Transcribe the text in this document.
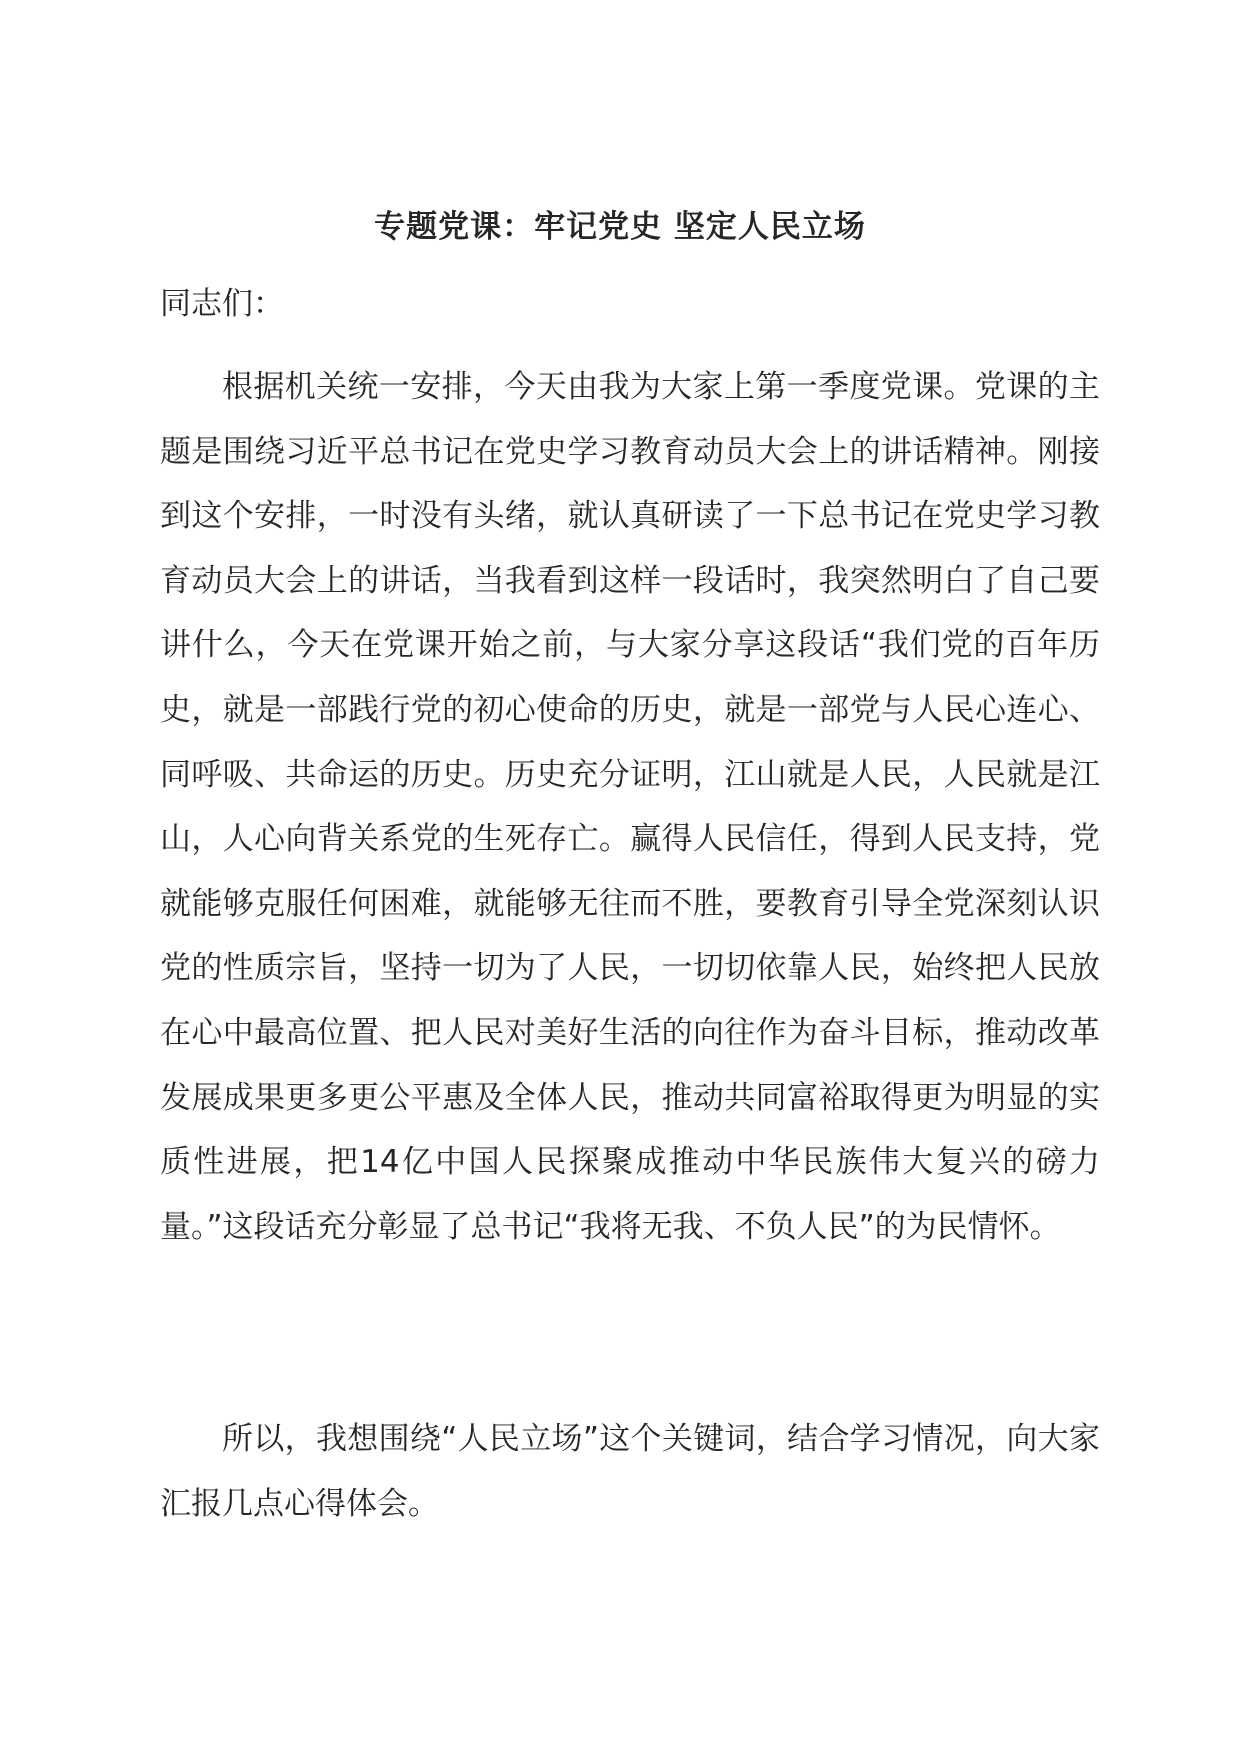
专题党课：牢记党史 坚定人民立场

同志们：

根据机关统一安排，今天由我为大家上第一季度党课。党课的主题是围绕习近平总书记在党史学习教育动员大会上的讲话精神。刚接到这个安排，一时没有头绪，就认真研读了一下总书记在党史学习教育动员大会上的讲话，当我看到这样一段话时，我突然明白了自己要讲什么，今天在党课开始之前，与大家分享这段话“我们党的百年历史，就是一部践行党的初心使命的历史，就是一部党与人民心连心、同呼吸、共命运的历史。历史充分证明，江山就是人民，人民就是江山，人心向背关系党的生死存亡。赢得人民信任，得到人民支持，党就能够克服任何困难，就能够无往而不胜，要教育引导全党深刻认识党的性质宗旨，坚持一切为了人民，一切切依靠人民，始终把人民放在心中最高位置、把人民对美好生活的向往作为奋斗目标，推动改革发展成果更多更公平惠及全体人民，推动共同富裕取得更为明显的实质性进展，把14亿中国人民探聚成推动中华民族伟大复兴的磅力量。”这段话充分彰显了总书记“我将无我、不负人民”的为民情怀。

所以，我想围绕“人民立场”这个关键词，结合学习情况，向大家汇报几点心得体会。
